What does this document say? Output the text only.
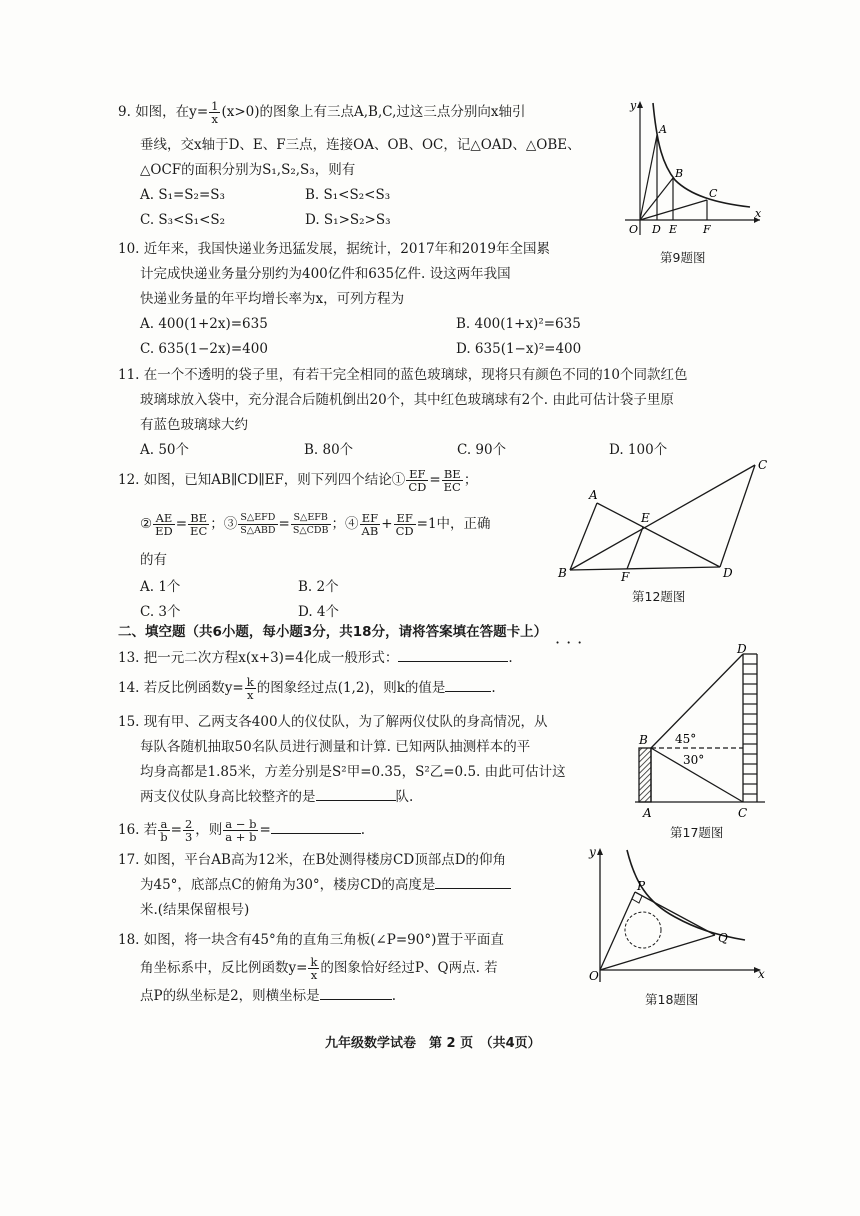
9. 如图，在$y= \frac{1}{x} (x>0)$的图象上有三点A,B,C,过这三点分别向x轴引
垂线，交x轴于D、E、F三点，连接OA、OB、OC，记△OAD、△OBE、
△OCF的面积分别为S₁,S₂,S₃，则有
A. S₁=S₂=S₃	B. S₁<S₂<S₃
C. S₃<S₁<S₂	D. S₁>S₂>S₃
y
x
O
A
B
C
D E F
第9题图
10. 近年来，我国快递业务迅猛发展，据统计，2017年和2019年全国累
计完成快递业务量分别约为400亿件和635亿件. 设这两年我国
快递业务量的年平均增长率为x，可列方程为
A. 400(1+2x)=635	B. 400(1+x)²=635
C. 635(1−2x)=400	D. 635(1−x)²=400
11. 在一个不透明的袋子里，有若干完全相同的蓝色玻璃球，现将只有颜色不同的10个同款红色
玻璃球放入袋中，充分混合后随机倒出20个，其中红色玻璃球有2个. 由此可估计袋子里原
有蓝色玻璃球大约
A. 50个	B. 80个	C. 90个	D. 100个
12. 如图，已知AB∥CD∥EF，则下列四个结论① $\frac{EF}{CD} = \frac{BE}{EC}$ ；
② $\frac{AE}{ED} = \frac{BE}{EC}$ ；③ $\frac{\text{S△EFD}}{\text{S△ABD}} = \frac{\text{S△EFB}}{\text{S△CDB}}$ ；④ $\frac{EF}{AB} + \frac{EF}{CD} =1$中，正确
的有
A. 1个	B. 2个
C. 3个	D. 4个
A
B
C
D
E
F
第12题图
二、填空题（共6小题，每小题3分，共18分，请将答案填在答题卡上）
···
13. 把一元二次方程x(x+3)=4化成一般形式：	.
14. 若反比例函数$y= \frac{k}{x}$ 的图象经过点(1,2)，则k的值是	.
15. 现有甲、乙两支各400人的仪仗队，为了解两仪仗队的身高情况，从
每队各随机抽取50名队员进行测量和计算. 已知两队抽测样本的平
均身高都是1.85米，方差分别是S²甲=0.35，S²乙=0.5. 由此可估计这
两支仪仗队身高比较整齐的是	队.
16. 若 $\frac{a}{b} = \frac{2}{3}$ ，则 $\frac{a - b}{a + b}$ =	.
17. 如图，平台AB高为12米，在B处测得楼房CD顶部点D的仰角
为45°，底部点C的俯角为30°，楼房CD的高度是
米.(结果保留根号)
D
B
A	C
45°
30°
第17题图
18. 如图，将一块含有45°角的直角三角板(∠P=90°)置于平面直
角坐标系中，反比例函数$y= \frac{k}{x}$ 的图象恰好经过P、Q两点. 若
点P的纵坐标是2，则横坐标是	.
y
x
O
P
Q
第18题图
九年级数学试卷　第 2 页　（共4页）
